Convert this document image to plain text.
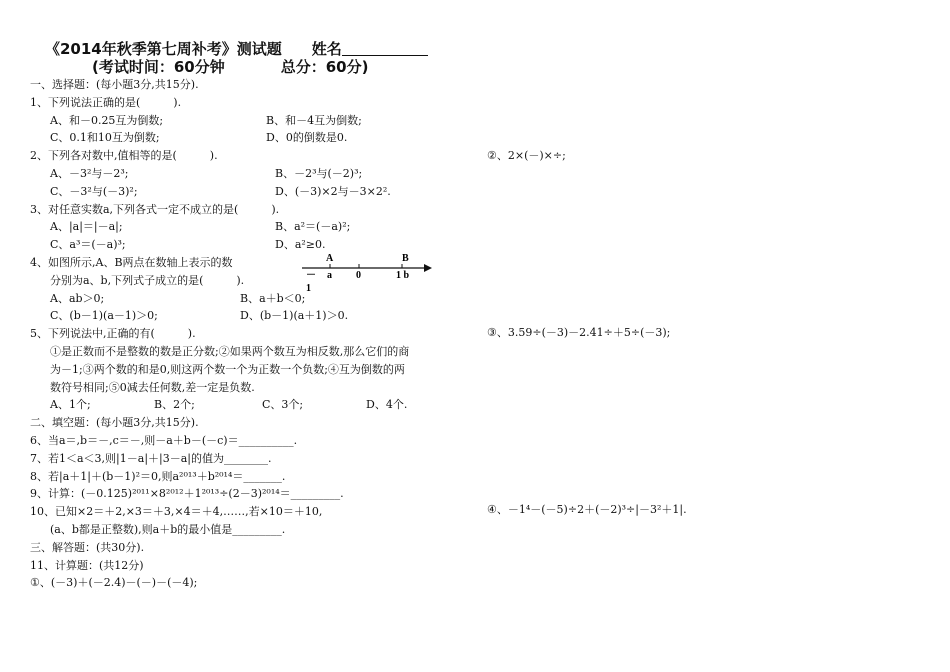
《2014年秋季第七周补考》测试题 姓名
(考试时间：60分钟	总分：60分)
一、选择题：(每小题3分,共15分).
1、下列说法正确的是(　　　).
A、和－0.25互为倒数;	B、和－4互为倒数;
C、0.1和10互为倒数;	D、0的倒数是0.
2、下列各对数中,值相等的是(　　　).
A、－3²与－2³;	B、－2³与(－2)³;
C、－3²与(－3)²;	D、(－3)×2与－3×2².
3、对任意实数a,下列各式一定不成立的是(　　　).
A、|a|＝|－a|;	B、a²＝(－a)²;
C、a³＝(－a)³;	D、a²≥0.
4、如图所示,A、B两点在数轴上表示的数
分别为a、b,下列式子成立的是(　　　).
A、ab＞0;	B、a＋b＜0;
C、(b－1)(a－1)＞0;	D、(b－1)(a＋1)＞0.
5、下列说法中,正确的有(　　　).
①是正数而不是整数的数是正分数;②如果两个数互为相反数,那么它们的商
为－1;③两个数的和是0,则这两个数一个为正数一个负数;④互为倒数的两
数符号相同;⑤0减去任何数,差一定是负数.
A、1个;	B、2个;	C、3个;	D、4个.
二、填空题：(每小题3分,共15分).
6、当a＝,b＝－,c＝－,则－a＋b－(－c)＝__________.
7、若1＜a＜3,则|1－a|＋|3－a|的值为________.
8、若|a＋1|＋(b－1)²＝0,则a²⁰¹³＋b²⁰¹⁴＝_______.
9、计算：(－0.125)²⁰¹¹×8²⁰¹²＋1²⁰¹³÷(2－3)²⁰¹⁴＝_________.
10、已知×2＝＋2,×3＝＋3,×4＝＋4,……,若×10＝＋10,
(a、b都是正整数),则a＋b的最小值是_________.
三、解答题：(共30分).
11、计算题：(共12分)
①、(－3)＋(－2.4)－(－)－(－4);
②、2×(－)×÷;
③、3.59÷(－3)－2.41÷＋5÷(－3);
④、－1⁴－(－5)÷2＋(－2)³÷|－3²＋1|.
A	B
－ a 0	1 b
1
